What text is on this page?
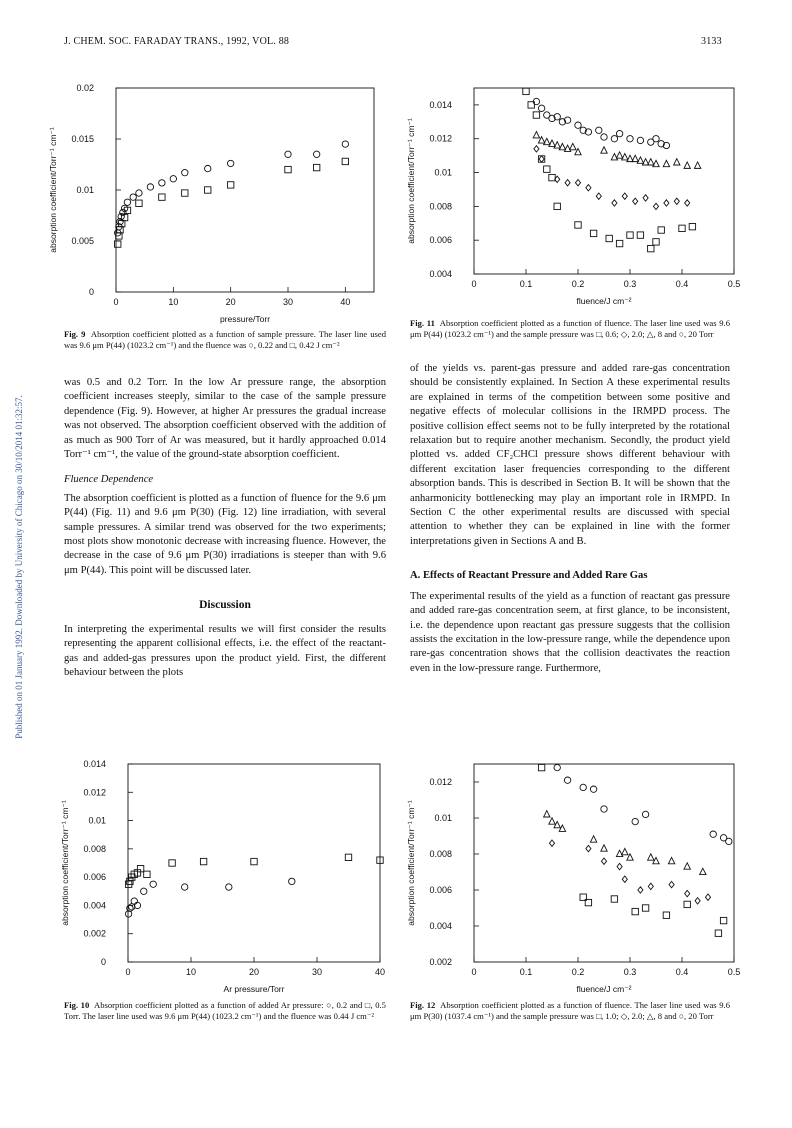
J. CHEM. SOC. FARADAY TRANS., 1992, VOL. 88	3133
Published on 01 January 1992. Downloaded by University of Chicago on 30/10/2014 01:32:57.
0	10	20	30	40
0
0.005
0.01
0.015
0.02
pressure/Torr
absorption coefficient/Torr⁻¹ cm⁻¹
0	0.1	0.2	0.3	0.4	0.5
0.004
0.006
0.008
0.01
0.012
0.014
fluence/J cm⁻²
absorption coefficient/Torr⁻¹ cm⁻¹
0	10	20	30	40
0
0.002
0.004
0.006
0.008
0.01
0.012
0.014
Ar pressure/Torr
absorption coefficient/Torr⁻¹ cm⁻¹
0	0.1	0.2	0.3	0.4	0.5
0.002
0.004
0.006
0.008
0.01
0.012
fluence/J cm⁻²
absorption coefficient/Torr⁻¹ cm⁻¹
Fig. 9 Absorption coefficient plotted as a function of sample pressure. The laser line used was 9.6 μm P(44) (1023.2 cm⁻¹) and the fluence was ○, 0.22 and □, 0.42 J cm⁻²
Fig. 11 Absorption coefficient plotted as a function of fluence. The laser line used was 9.6 μm P(44) (1023.2 cm⁻¹) and the sample pressure was □, 0.6; ◇, 2.0; △, 8 and ○, 20 Torr
Fig. 10 Absorption coefficient plotted as a function of added Ar pressure: ○, 0.2 and □, 0.5 Torr. The laser line used was 9.6 μm P(44) (1023.2 cm⁻¹) and the fluence was 0.44 J cm⁻²
Fig. 12 Absorption coefficient plotted as a function of fluence. The laser line used was 9.6 μm P(30) (1037.4 cm⁻¹) and the sample pressure was □, 1.0; ◇, 2.0; △, 8 and ○, 20 Torr

was 0.5 and 0.2 Torr. In the low Ar pressure range, the absorption coefficient increases steeply, similar to the case of the sample pressure dependence (Fig. 9). However, at higher Ar pressures the gradual increase was not observed. The absorption coefficient observed with the addition of as much as 900 Torr of Ar was measured, but it hardly approached 0.014 Torr⁻¹ cm⁻¹, the value of the ground-state absorption coefficient.

Fluence Dependence

The absorption coefficient is plotted as a function of fluence for the 9.6 μm P(44) (Fig. 11) and 9.6 μm P(30) (Fig. 12) line irradiation, with several sample pressures. A similar trend was observed for the two experiments; most plots show monotonic decrease with increasing fluence. However, the decrease in the case of 9.6 μm P(30) irradiations is steeper than with 9.6 μm P(44). This point will be discussed later.

Discussion

In interpreting the experimental results we will first consider the results representing the apparent collisional effects, i.e. the effect of the reactant-gas and added-gas pressures upon the product yield. First, the different behaviour between the plots

of the yields vs. parent-gas pressure and added rare-gas concentration should be consistently explained. In Section A these experimental results are explained in terms of the competition between some positive and negative effects of molecular collisions in the IRMPD process. The positive collision effect seems not to be fully interpreted by the rotational relaxation but to require another mechanism. Secondly, the product yield plotted vs. added CF₂CHCl pressure shows different behaviour with different excitation laser frequencies corresponding to the different absorption bands. This is described in Section B. It will be shown that the anharmonicity bottlenecking may play an important role in IRMPD. In Section C the other experimental results are discussed with special attention to whether they can be explained in line with the former interpretations given in Sections A and B.

A. Effects of Reactant Pressure and Added Rare Gas

The experimental results of the yield as a function of reactant gas pressure and added rare-gas concentration seem, at first glance, to be inconsistent, i.e. the dependence upon reactant gas pressure suggests that the collision assists the excitation in the low-pressure range, while the dependence upon rare-gas concentration shows that the collision deactivates the reaction even in the low-pressure range. Furthermore,
